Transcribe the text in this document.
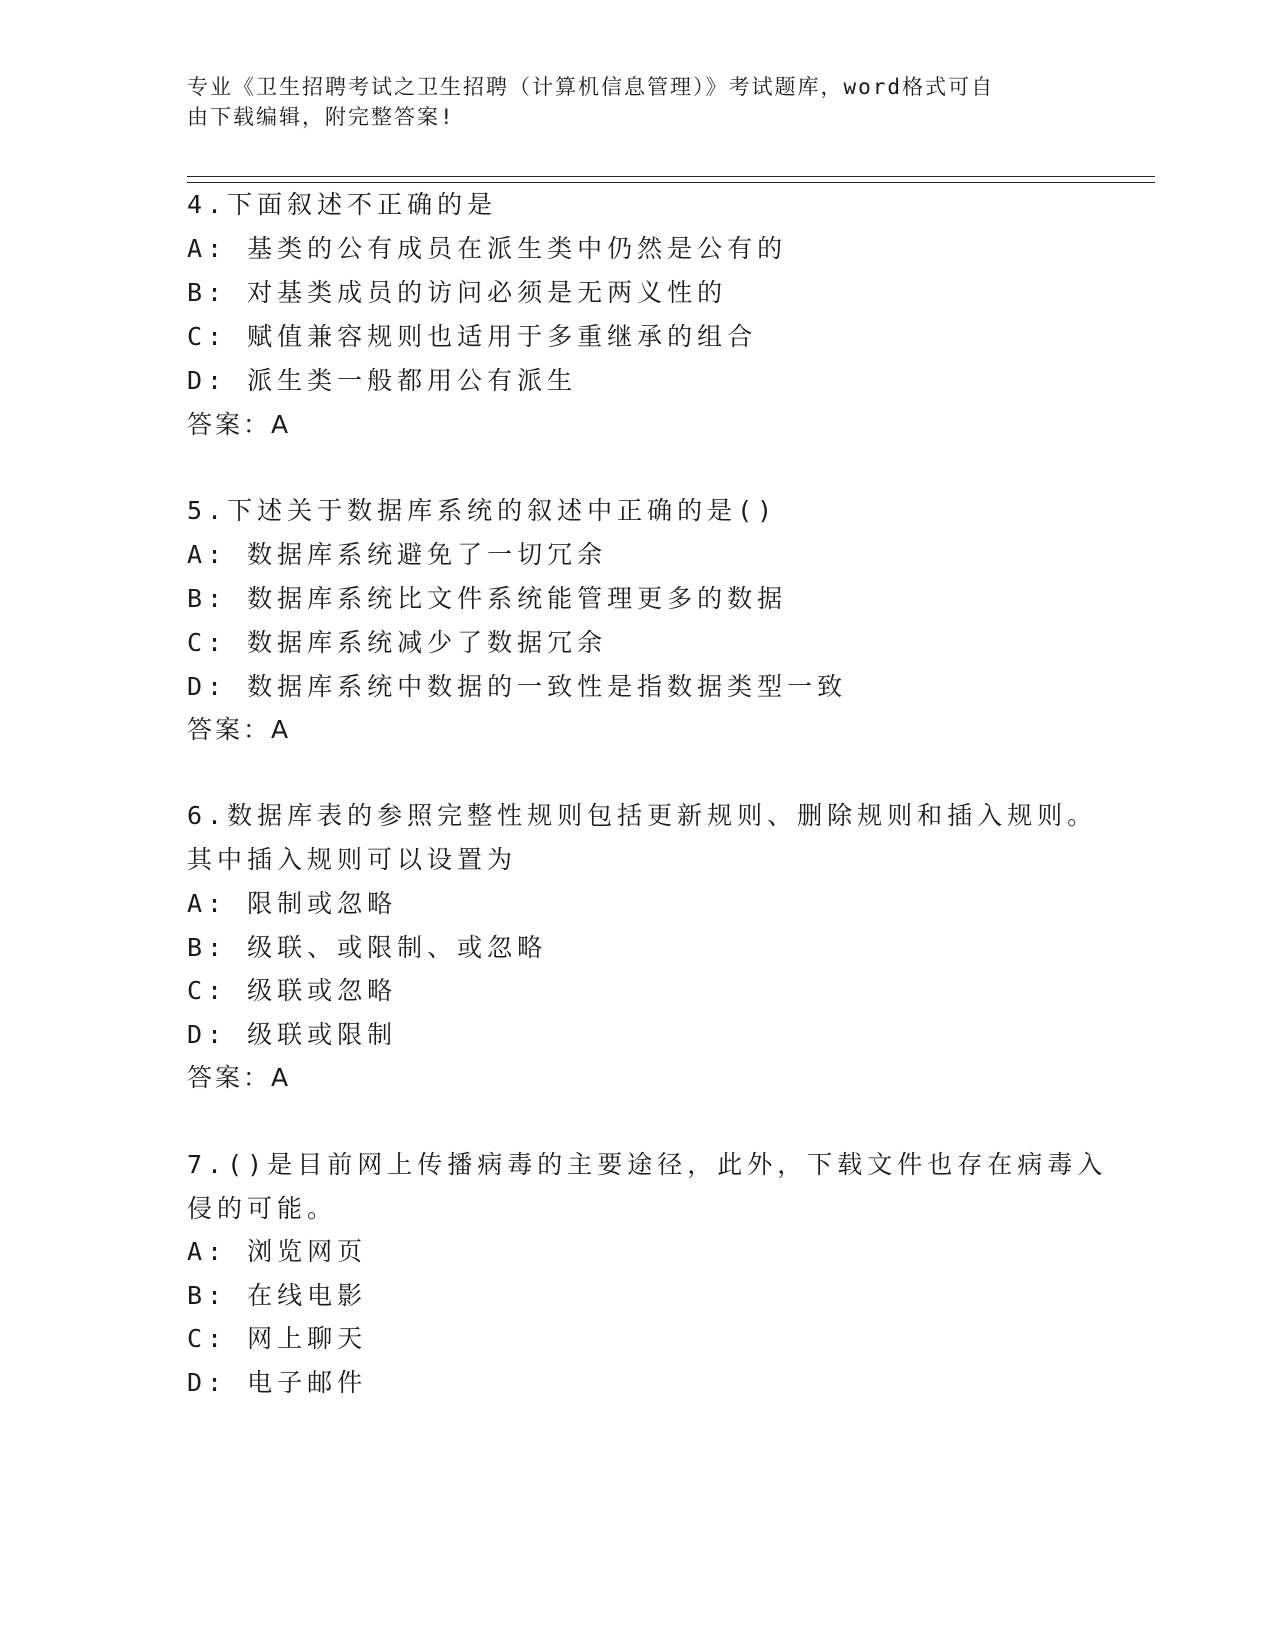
专业《卫生招聘考试之卫生招聘（计算机信息管理）》考试题库，word格式可自
由下载编辑，附完整答案!
4.下面叙述不正确的是
A: 基类的公有成员在派生类中仍然是公有的
B: 对基类成员的访问必须是无两义性的
C: 赋值兼容规则也适用于多重继承的组合
D: 派生类一般都用公有派生
答案：A
5.下述关于数据库系统的叙述中正确的是()
A: 数据库系统避免了一切冗余
B: 数据库系统比文件系统能管理更多的数据
C: 数据库系统减少了数据冗余
D: 数据库系统中数据的一致性是指数据类型一致
答案：A
6.数据库表的参照完整性规则包括更新规则、删除规则和插入规则。
其中插入规则可以设置为
A: 限制或忽略
B: 级联、或限制、或忽略
C: 级联或忽略
D: 级联或限制
答案：A
7.()是目前网上传播病毒的主要途径，此外，下载文件也存在病毒入
侵的可能。
A: 浏览网页
B: 在线电影
C: 网上聊天
D: 电子邮件
